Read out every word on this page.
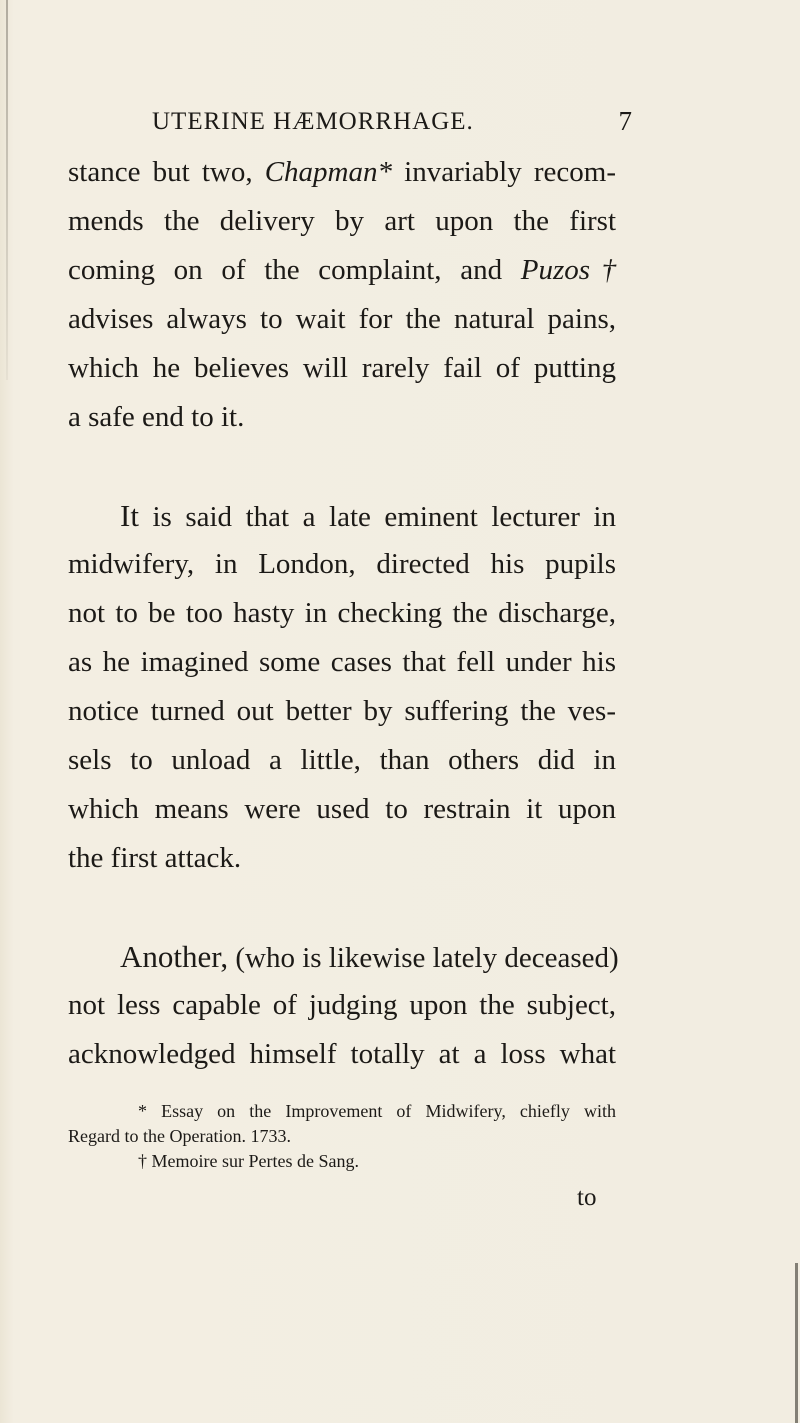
UTERINE HÆMORRHAGE.	7
stance but two, Chapman* invariably recom-
mends the delivery by art upon the first
coming on of the complaint, and Puzos†
advises always to wait for the natural pains,
which he believes will rarely fail of putting
a safe end to it.
It is said that a late eminent lecturer in
midwifery, in London, directed his pupils
not to be too hasty in checking the discharge,
as he imagined some cases that fell under his
notice turned out better by suffering the ves-
sels to unload a little, than others did in
which means were used to restrain it upon
the first attack.
Another, (who is likewise lately deceased)
not less capable of judging upon the subject,
acknowledged himself totally at a loss what
* Essay on the Improvement of Midwifery, chiefly with
Regard to the Operation. 1733.
† Memoire sur Pertes de Sang.
to
